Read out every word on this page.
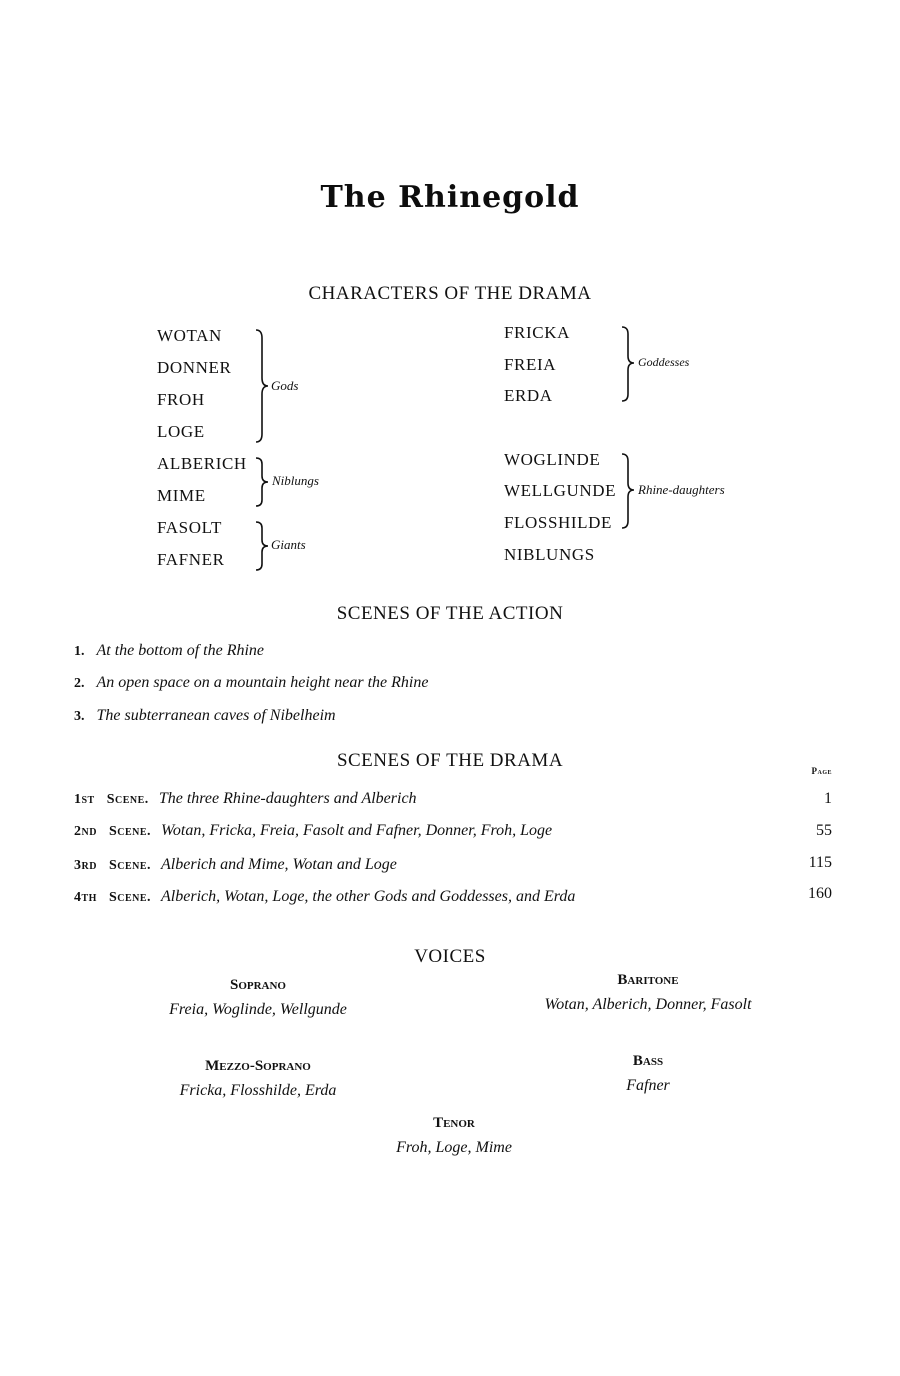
The Rhinegold
CHARACTERS OF THE DRAMA
WOTAN
DONNER
FROH
LOGE
Gods
ALBERICH
MIME
Niblungs
FASOLT
FAFNER
Giants
FRICKA
FREIA
ERDA
Goddesses
WOGLINDE
WELLGUNDE
FLOSSHILDE
Rhine-daughters
NIBLUNGS
SCENES OF THE ACTION
1. At the bottom of the Rhine
2. An open space on a mountain height near the Rhine
3. The subterranean caves of Nibelheim
SCENES OF THE DRAMA	Page
1st Scene. The three Rhine-daughters and Alberich	1
2nd Scene. Wotan, Fricka, Freia, Fasolt and Fafner, Donner, Froh, Loge	55
3rd Scene. Alberich and Mime, Wotan and Loge	115
4th Scene. Alberich, Wotan, Loge, the other Gods and Goddesses, and Erda	160
VOICES
Soprano
Freia, Woglinde, Wellgunde
Baritone
Wotan, Alberich, Donner, Fasolt
Mezzo-Soprano
Fricka, Flosshilde, Erda
Bass
Fafner
Tenor
Froh, Loge, Mime
